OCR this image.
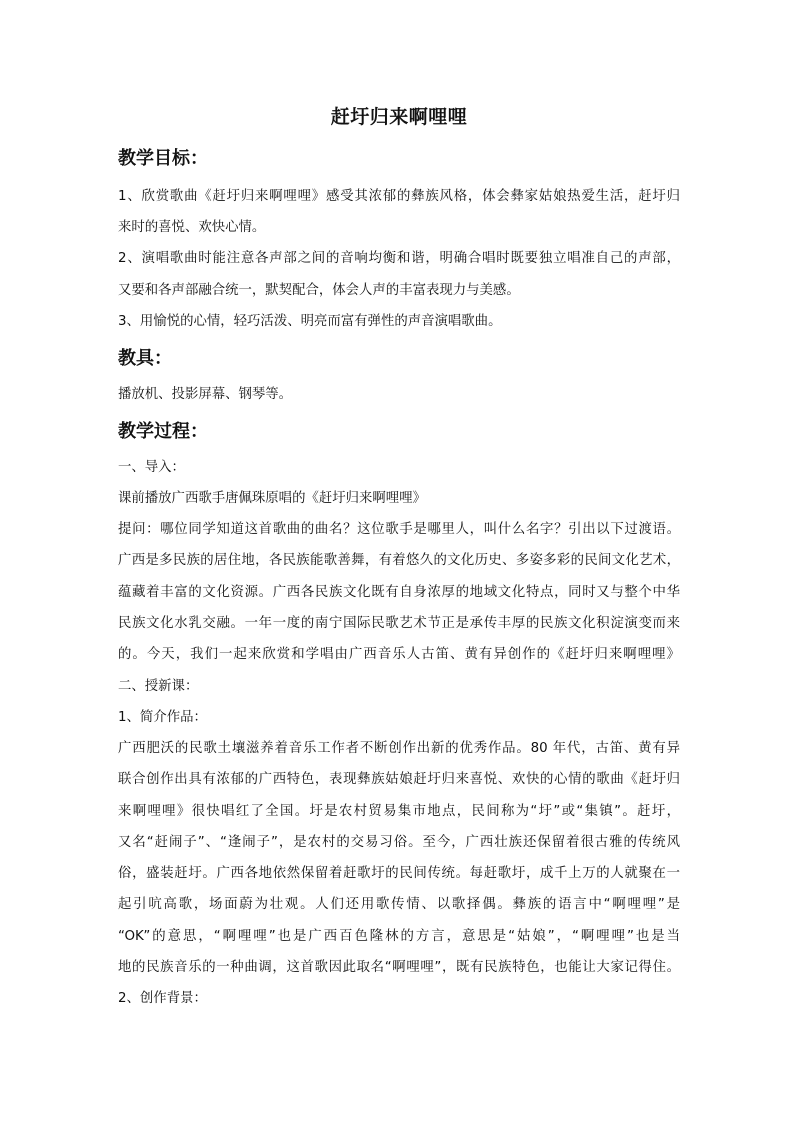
赶圩归来啊哩哩
教学目标：
1、欣赏歌曲《赶圩归来啊哩哩》感受其浓郁的彝族风格，体会彝家姑娘热爱生活，赶圩归
来时的喜悦、欢快心情。
2、演唱歌曲时能注意各声部之间的音响均衡和谐，明确合唱时既要独立唱准自己的声部，
又要和各声部融合统一，默契配合，体会人声的丰富表现力与美感。
3、用愉悦的心情，轻巧活泼、明亮而富有弹性的声音演唱歌曲。
教具：
播放机、投影屏幕、钢琴等。
教学过程：
一、导入：
课前播放广西歌手唐佩珠原唱的《赶圩归来啊哩哩》
提问：哪位同学知道这首歌曲的曲名？这位歌手是哪里人，叫什么名字？引出以下过渡语。
广西是多民族的居住地，各民族能歌善舞，有着悠久的文化历史、多姿多彩的民间文化艺术，
蕴藏着丰富的文化资源。广西各民族文化既有自身浓厚的地域文化特点，同时又与整个中华
民族文化水乳交融。一年一度的南宁国际民歌艺术节正是承传丰厚的民族文化积淀演变而来
的。今天，我们一起来欣赏和学唱由广西音乐人古笛、黄有异创作的《赶圩归来啊哩哩》
二、授新课：
1、简介作品：
广西肥沃的民歌土壤滋养着音乐工作者不断创作出新的优秀作品。80 年代，古笛、黄有异
联合创作出具有浓郁的广西特色，表现彝族姑娘赶圩归来喜悦、欢快的心情的歌曲《赶圩归
来啊哩哩》很快唱红了全国。圩是农村贸易集市地点，民间称为“圩”或“集镇”。赶圩，
又名“赶闹子”、“逢闹子”，是农村的交易习俗。至今，广西壮族还保留着很古雅的传统风
俗，盛装赶圩。广西各地依然保留着赶歌圩的民间传统。每赶歌圩，成千上万的人就聚在一
起引吭高歌，场面蔚为壮观。人们还用歌传情、以歌择偶。彝族的语言中“啊哩哩”是
“OK”的意思，“啊哩哩”也是广西百色隆林的方言，意思是“姑娘”，“啊哩哩”也是当
地的民族音乐的一种曲调，这首歌因此取名“啊哩哩”，既有民族特色，也能让大家记得住。
2、创作背景：
